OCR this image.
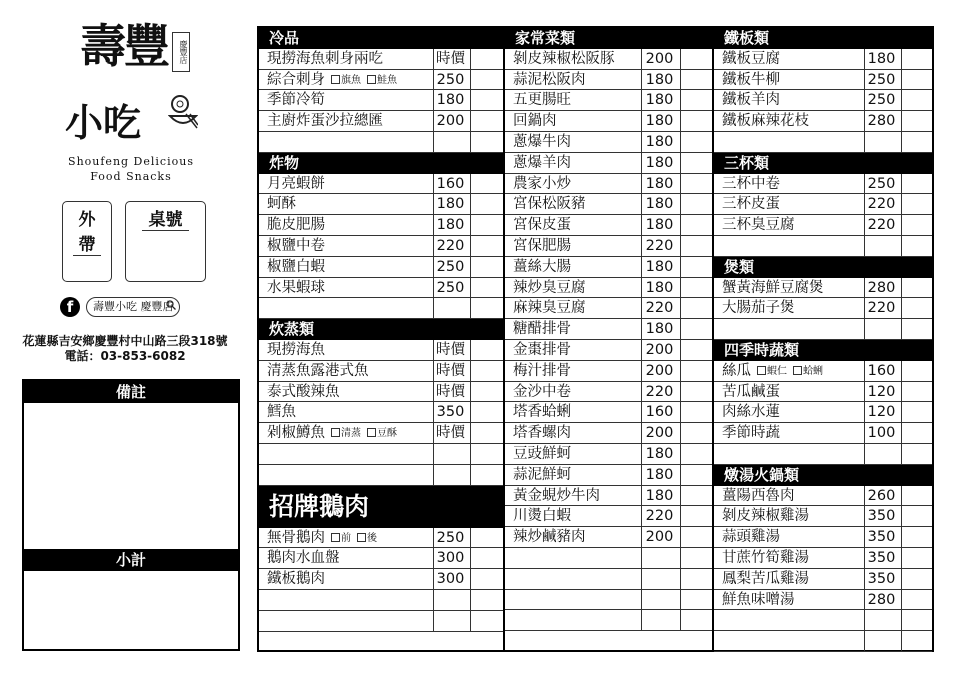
壽豐
小吃
慶豐店
Shoufeng Delicious
Food Snacks
外帶
桌號
f	壽豐小吃 慶豐店
花蓮縣吉安鄉慶豐村中山路三段318號
電話：03-853-6082
備註
小計
冷品
現撈海魚刺身兩吃	時價
綜合刺身 旗魚 鮭魚	250
季節冷筍	180
主廚炸蛋沙拉總匯	200
炸物
月亮蝦餅	160
蚵酥	180
脆皮肥腸	180
椒鹽中卷	220
椒鹽白蝦	250
水果蝦球	250
炊蒸類
現撈海魚	時價
清蒸魚露港式魚	時價
泰式酸辣魚	時價
鱈魚	350
剁椒鱒魚 清蒸 豆酥	時價
招牌鵝肉
無骨鵝肉 前 後	250
鵝肉水血盤	300
鐵板鵝肉	300
家常菜類
剝皮辣椒松阪豚	200
蒜泥松阪肉	180
五更腸旺	180
回鍋肉	180
蔥爆牛肉	180
蔥爆羊肉	180
農家小炒	180
宮保松阪豬	180
宮保皮蛋	180
宮保肥腸	220
薑絲大腸	180
辣炒臭豆腐	180
麻辣臭豆腐	220
糖醋排骨	180
金棗排骨	200
梅汁排骨	200
金沙中卷	220
塔香蛤蜊	160
塔香螺肉	200
豆豉鮮蚵	180
蒜泥鮮蚵	180
黃金蜆炒牛肉	180
川燙白蝦	220
辣炒鹹豬肉	200
鐵板類
鐵板豆腐	180
鐵板牛柳	250
鐵板羊肉	250
鐵板麻辣花枝	280
三杯類
三杯中卷	250
三杯皮蛋	220
三杯臭豆腐	220
煲類
蟹黃海鮮豆腐煲	280
大腸茄子煲	220
四季時蔬類
絲瓜 蝦仁 蛤蜊	160
苦瓜鹹蛋	120
肉絲水蓮	120
季節時蔬	100
燉湯火鍋類
薑陽西魯肉	260
剝皮辣椒雞湯	350
蒜頭雞湯	350
甘蔗竹筍雞湯	350
鳳梨苦瓜雞湯	350
鮮魚味噌湯	280
